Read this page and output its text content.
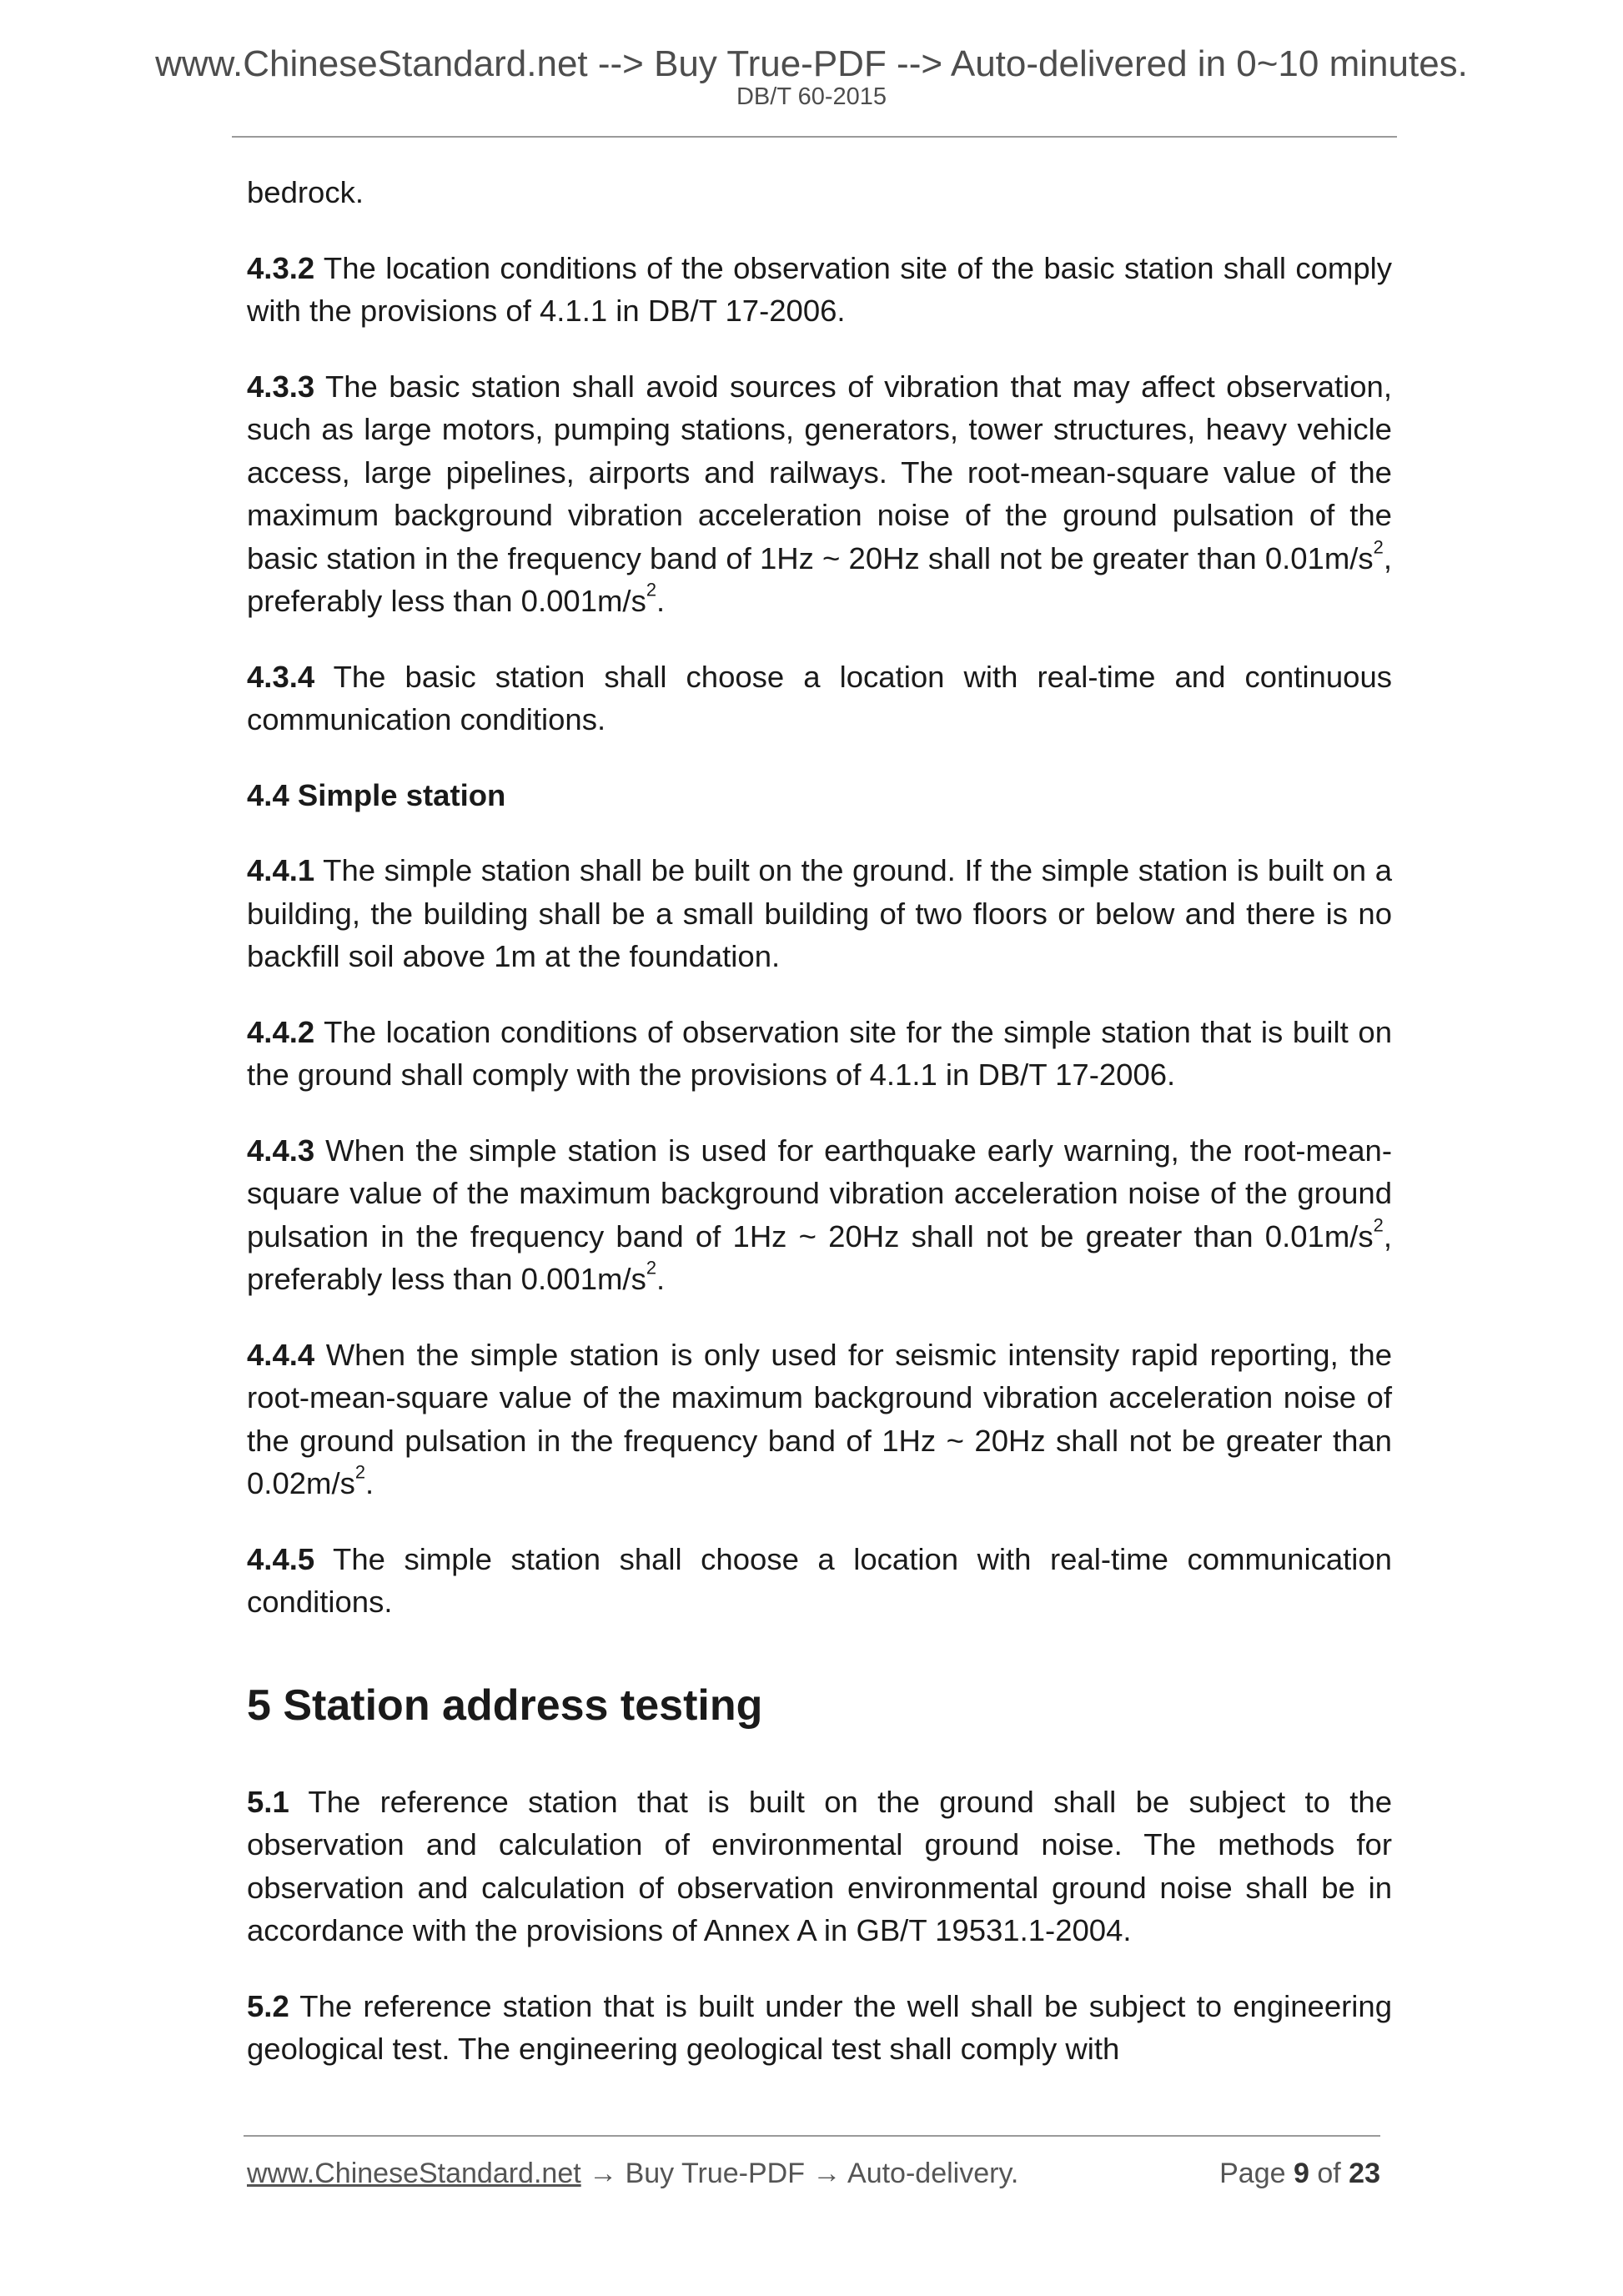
www.ChineseStandard.net --> Buy True-PDF --> Auto-delivered in 0~10 minutes.
DB/T 60-2015

bedrock.

4.3.2 The location conditions of the observation site of the basic station shall comply with the provisions of 4.1.1 in DB/T 17-2006.

4.3.3 The basic station shall avoid sources of vibration that may affect observation, such as large motors, pumping stations, generators, tower structures, heavy vehicle access, large pipelines, airports and railways. The root-mean-square value of the maximum background vibration acceleration noise of the ground pulsation of the basic station in the frequency band of 1Hz ~ 20Hz shall not be greater than $0.01m/s^2$, preferably less than $0.001m/s^2$.

4.3.4 The basic station shall choose a location with real-time and continuous communication conditions.

4.4 Simple station

4.4.1 The simple station shall be built on the ground. If the simple station is built on a building, the building shall be a small building of two floors or below and there is no backfill soil above 1m at the foundation.

4.4.2 The location conditions of observation site for the simple station that is built on the ground shall comply with the provisions of 4.1.1 in DB/T 17-2006.

4.4.3 When the simple station is used for earthquake early warning, the root-mean-square value of the maximum background vibration acceleration noise of the ground pulsation in the frequency band of 1Hz ~ 20Hz shall not be greater than $0.01m/s^2$, preferably less than $0.001m/s^2$.

4.4.4 When the simple station is only used for seismic intensity rapid reporting, the root-mean-square value of the maximum background vibration acceleration noise of the ground pulsation in the frequency band of 1Hz ~ 20Hz shall not be greater than $0.02m/s^2$.

4.4.5 The simple station shall choose a location with real-time communication conditions.

5 Station address testing

5.1 The reference station that is built on the ground shall be subject to the observation and calculation of environmental ground noise. The methods for observation and calculation of observation environmental ground noise shall be in accordance with the provisions of Annex A in GB/T 19531.1-2004.

5.2 The reference station that is built under the well shall be subject to engineering geological test. The engineering geological test shall comply with

www.ChineseStandard.net → Buy True-PDF → Auto-delivery.	Page 9 of 23
